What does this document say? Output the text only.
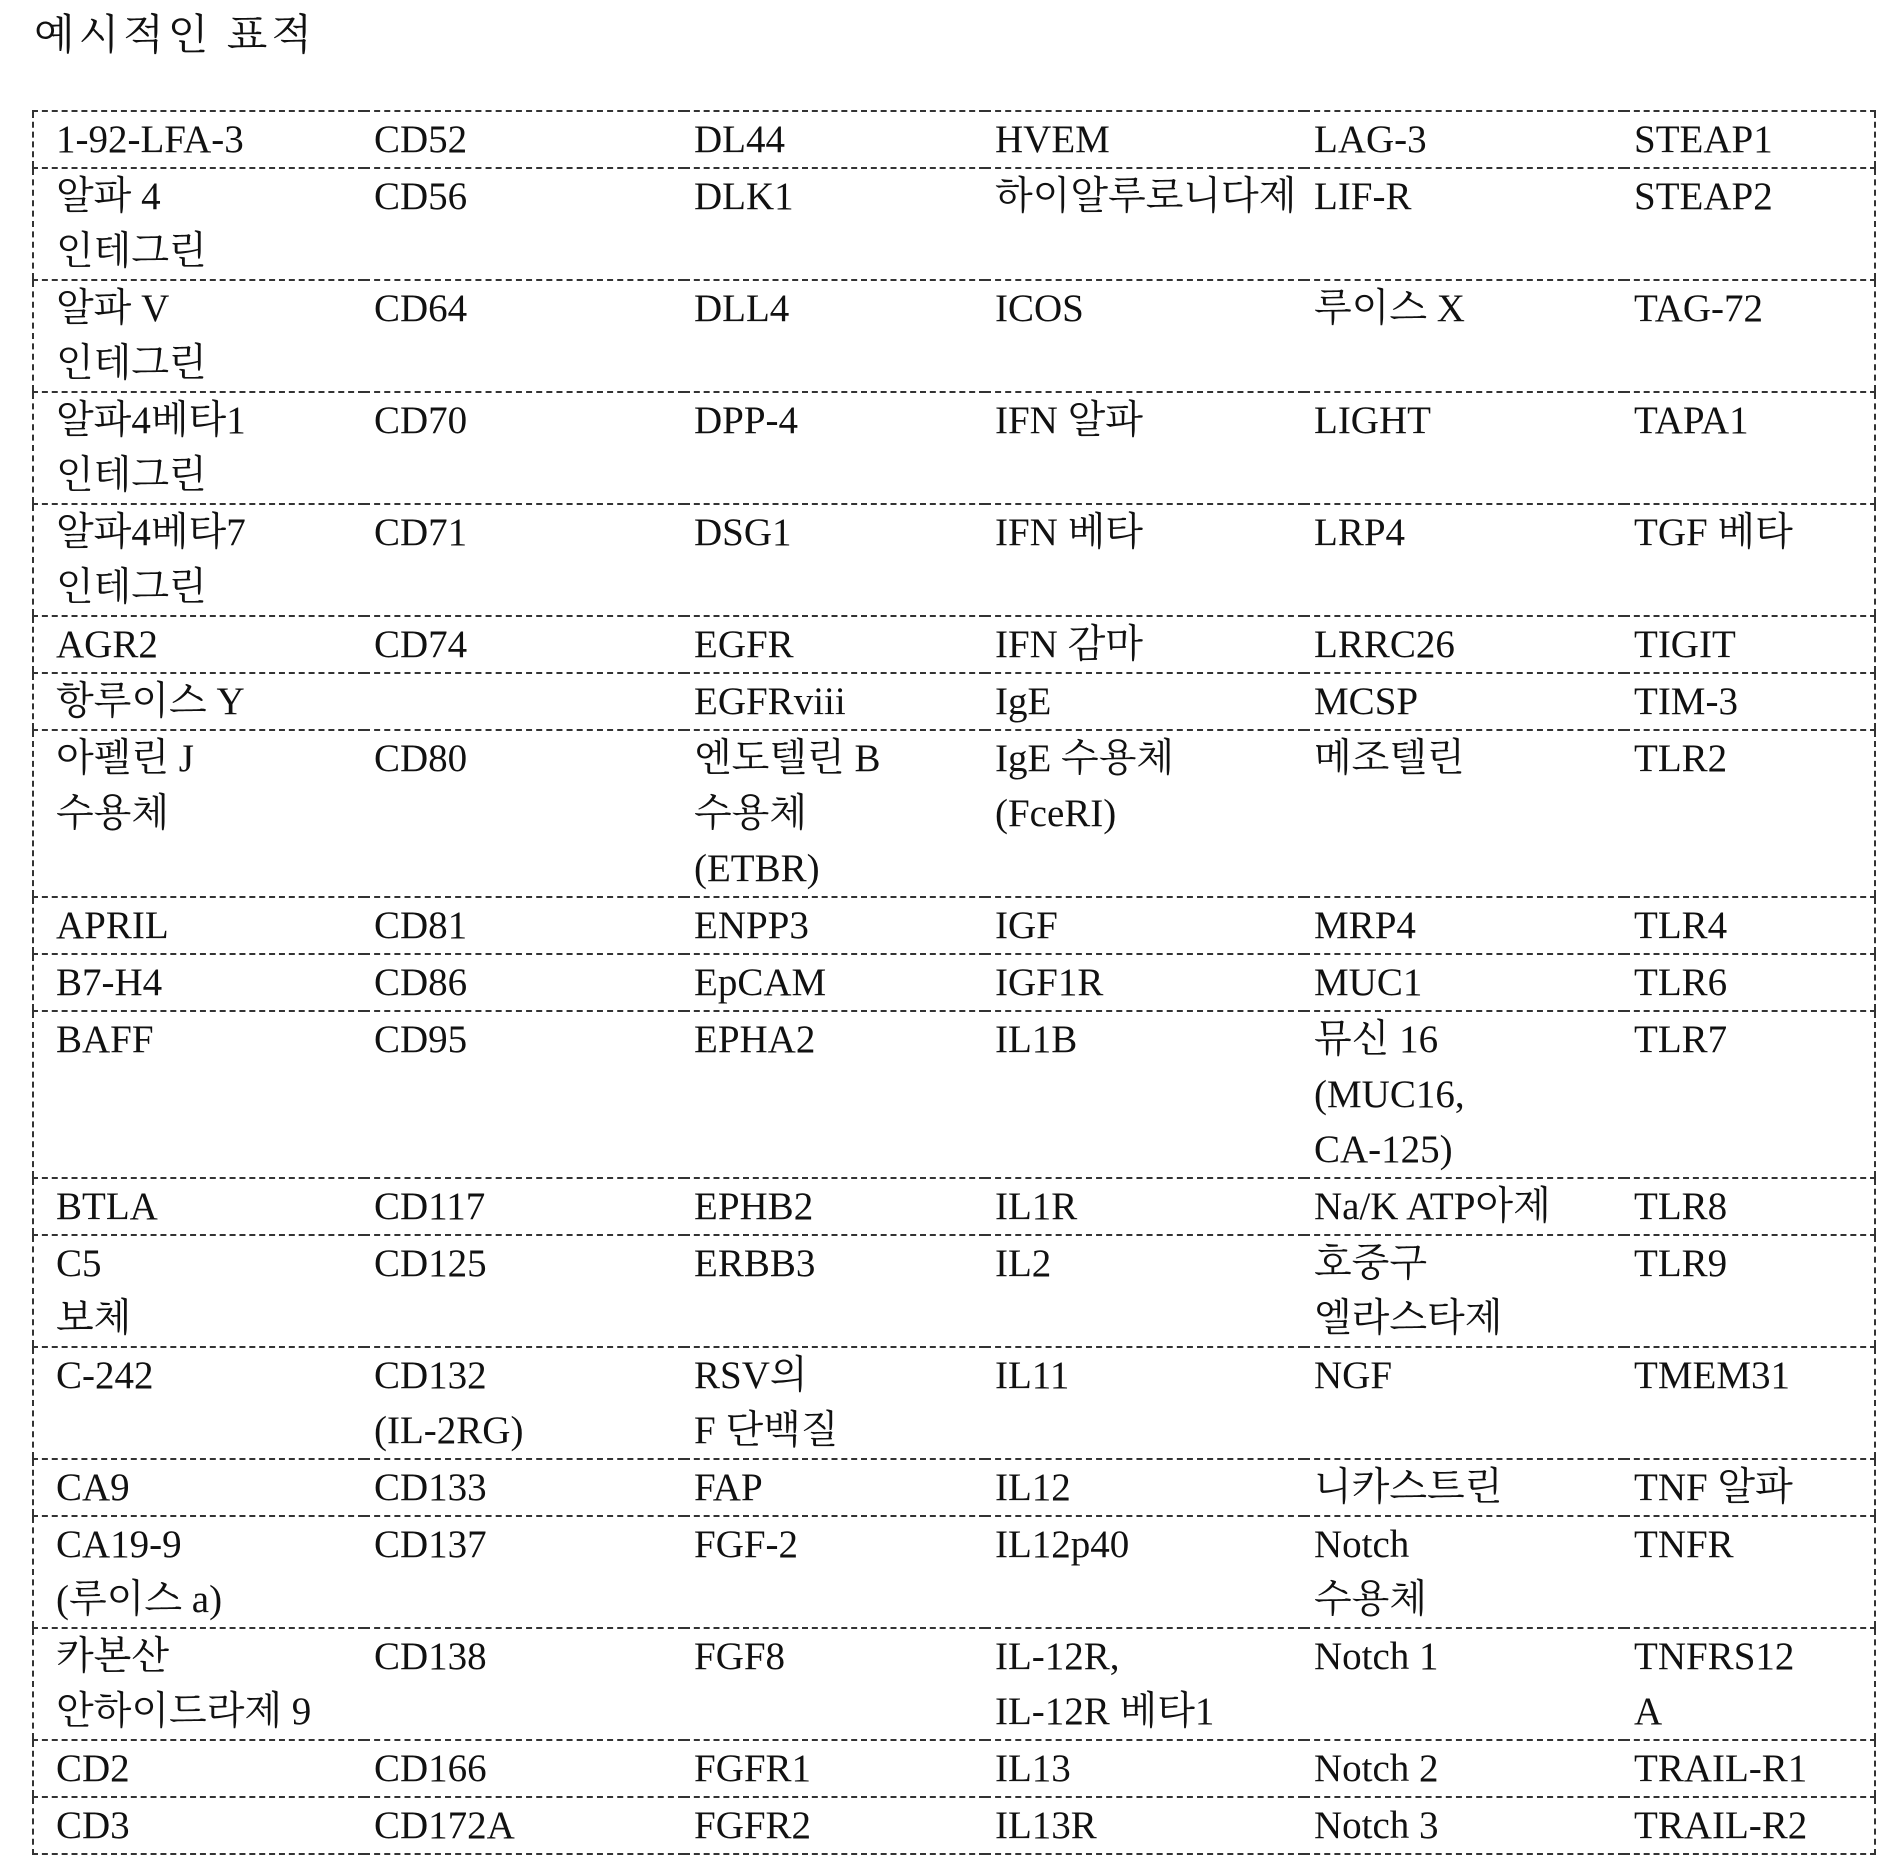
예시적인 표적
1-92-LFA-3	CD52	DL44	HVEM	LAG-3	STEAP1
알파 4
인테그린	CD56	DLK1	하이알루로니다제	LIF-R	STEAP2
알파 V
인테그린	CD64	DLL4	ICOS	루이스 X	TAG-72
알파4베타1
인테그린	CD70	DPP-4	IFN 알파	LIGHT	TAPA1
알파4베타7
인테그린	CD71	DSG1	IFN 베타	LRP4	TGF 베타
AGR2	CD74	EGFR	IFN 감마	LRRC26	TIGIT
항루이스 Y		EGFRviii	IgE	MCSP	TIM-3
아펠린 J
수용체	CD80	엔도텔린 B
수용체
(ETBR)	IgE 수용체
(FceRI)	메조텔린	TLR2
APRIL	CD81	ENPP3	IGF	MRP4	TLR4
B7-H4	CD86	EpCAM	IGF1R	MUC1	TLR6
BAFF	CD95	EPHA2	IL1B	뮤신 16
(MUC16,
CA-125)	TLR7
BTLA	CD117	EPHB2	IL1R	Na/K ATP아제	TLR8
C5
보체	CD125	ERBB3	IL2	호중구
엘라스타제	TLR9
C-242	CD132
(IL-2RG)	RSV의
F 단백질	IL11	NGF	TMEM31
CA9	CD133	FAP	IL12	니카스트린	TNF 알파
CA19-9
(루이스 a)	CD137	FGF-2	IL12p40	Notch
수용체	TNFR
카본산
안하이드라제 9	CD138	FGF8	IL-12R,
IL-12R 베타1	Notch 1	TNFRS12
A
CD2	CD166	FGFR1	IL13	Notch 2	TRAIL-R1
CD3	CD172A	FGFR2	IL13R	Notch 3	TRAIL-R2
